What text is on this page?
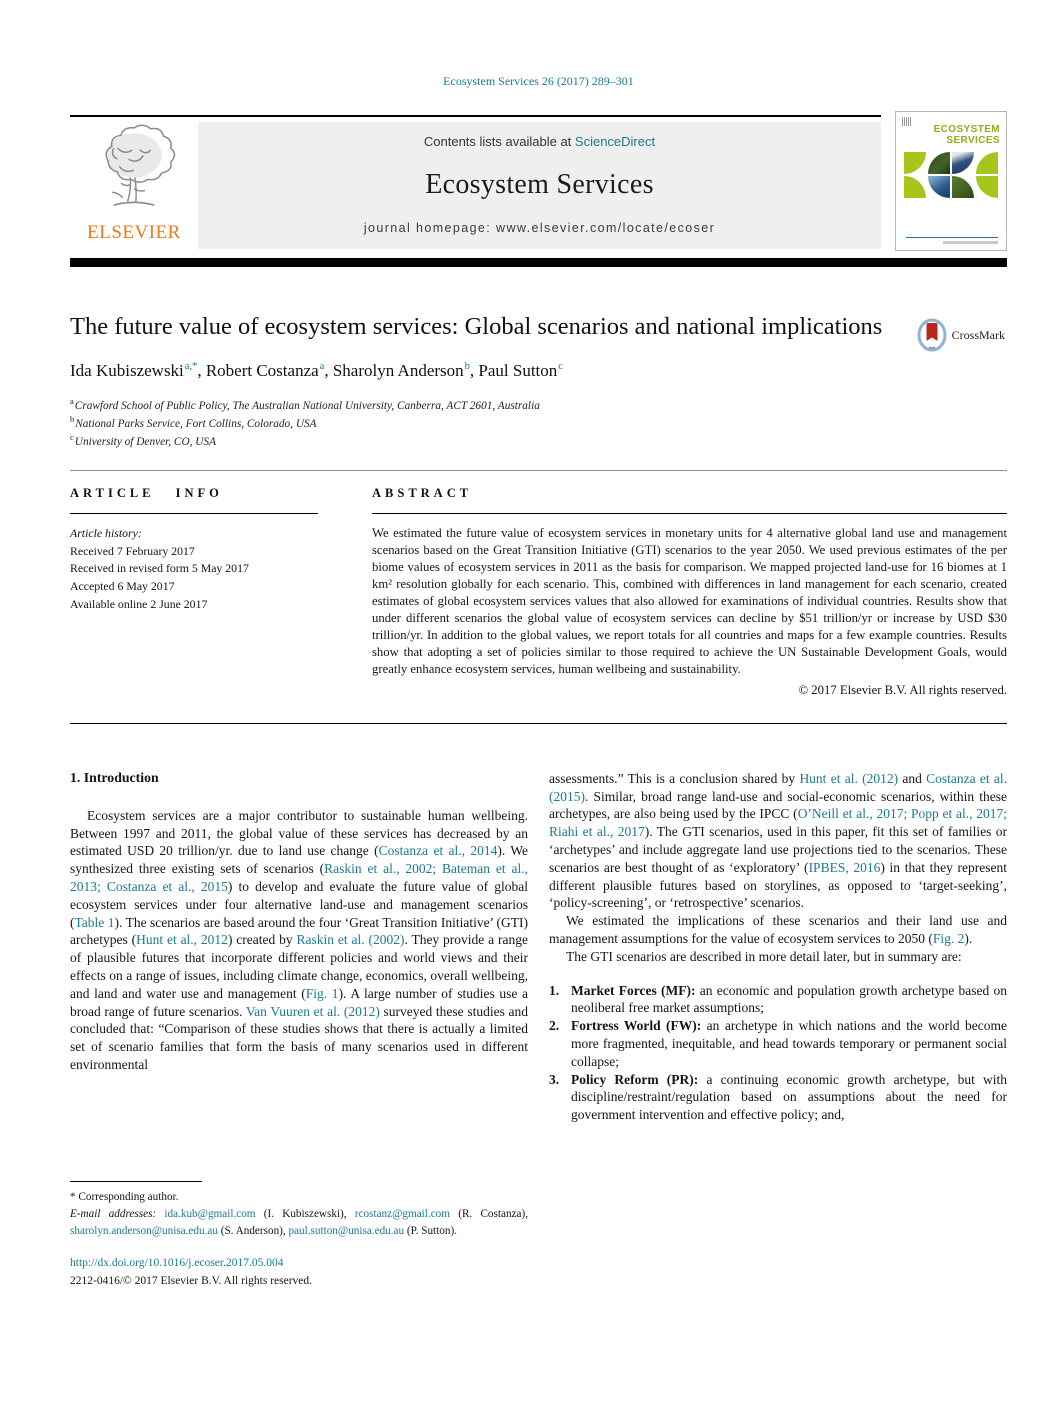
Ecosystem Services 26 (2017) 289–301
ELSEVIER
Contents lists available at ScienceDirect
Ecosystem Services
journal homepage: www.elsevier.com/locate/ecoser
ECOSYSTEM
SERVICES
The future value of ecosystem services: Global scenarios and national implications	CrossMark
Ida Kubiszewski$^{a,*}$, Robert Costanza$^a$, Sharolyn Anderson$^b$, Paul Sutton$^c$
$^a$Crawford School of Public Policy, The Australian National University, Canberra, ACT 2601, Australia
$^b$National Parks Service, Fort Collins, Colorado, USA
$^c$University of Denver, CO, USA
ARTICLE INFO
Article history:
Received 7 February 2017
Received in revised form 5 May 2017
Accepted 6 May 2017
Available online 2 June 2017
ABSTRACT
We estimated the future value of ecosystem services in monetary units for 4 alternative global land use and management scenarios based on the Great Transition Initiative (GTI) scenarios to the year 2050. We used previous estimates of the per biome values of ecosystem services in 2011 as the basis for comparison. We mapped projected land-use for 16 biomes at 1 km² resolution globally for each scenario. This, combined with differences in land management for each scenario, created estimates of global ecosystem services values that also allowed for examinations of individual countries. Results show that under different scenarios the global value of ecosystem services can decline by $51 trillion/yr or increase by USD $30 trillion/yr. In addition to the global values, we report totals for all countries and maps for a few example countries. Results show that adopting a set of policies similar to those required to achieve the UN Sustainable Development Goals, would greatly enhance ecosystem services, human wellbeing and sustainability.
© 2017 Elsevier B.V. All rights reserved.
1. Introduction
Ecosystem services are a major contributor to sustainable human wellbeing. Between 1997 and 2011, the global value of these services has decreased by an estimated USD 20 trillion/yr. due to land use change (Costanza et al., 2014). We synthesized three existing sets of scenarios (Raskin et al., 2002; Bateman et al., 2013; Costanza et al., 2015) to develop and evaluate the future value of global ecosystem services under four alternative land-use and management scenarios (Table 1). The scenarios are based around the four ‘Great Transition Initiative’ (GTI) archetypes (Hunt et al., 2012) created by Raskin et al. (2002). They provide a range of plausible futures that incorporate different policies and world views and their effects on a range of issues, including climate change, economics, overall wellbeing, and land and water use and management (Fig. 1). A large number of studies use a broad range of future scenarios. Van Vuuren et al. (2012) surveyed these studies and concluded that: “Comparison of these studies shows that there is actually a limited set of scenario families that form the basis of many scenarios used in different environmental
* Corresponding author.
E-mail addresses: ida.kub@gmail.com (I. Kubiszewski), rcostanz@gmail.com (R. Costanza), sharolyn.anderson@unisa.edu.au (S. Anderson), paul.sutton@unisa.edu.au (P. Sutton).
http://dx.doi.org/10.1016/j.ecoser.2017.05.004
2212-0416/© 2017 Elsevier B.V. All rights reserved.
assessments.” This is a conclusion shared by Hunt et al. (2012) and Costanza et al. (2015). Similar, broad range land-use and social-economic scenarios, within these archetypes, are also being used by the IPCC (O’Neill et al., 2017; Popp et al., 2017; Riahi et al., 2017). The GTI scenarios, used in this paper, fit this set of families or ‘archetypes’ and include aggregate land use projections tied to the scenarios. These scenarios are best thought of as ‘exploratory’ (IPBES, 2016) in that they represent different plausible futures based on storylines, as opposed to ‘target-seeking’, ‘policy-screening’, or ‘retrospective’ scenarios.
We estimated the implications of these scenarios and their land use and management assumptions for the value of ecosystem services to 2050 (Fig. 2).
The GTI scenarios are described in more detail later, but in summary are:
1. Market Forces (MF): an economic and population growth archetype based on neoliberal free market assumptions;
2. Fortress World (FW): an archetype in which nations and the world become more fragmented, inequitable, and head towards temporary or permanent social collapse;
3. Policy Reform (PR): a continuing economic growth archetype, but with discipline/restraint/regulation based on assumptions about the need for government intervention and effective policy; and,
